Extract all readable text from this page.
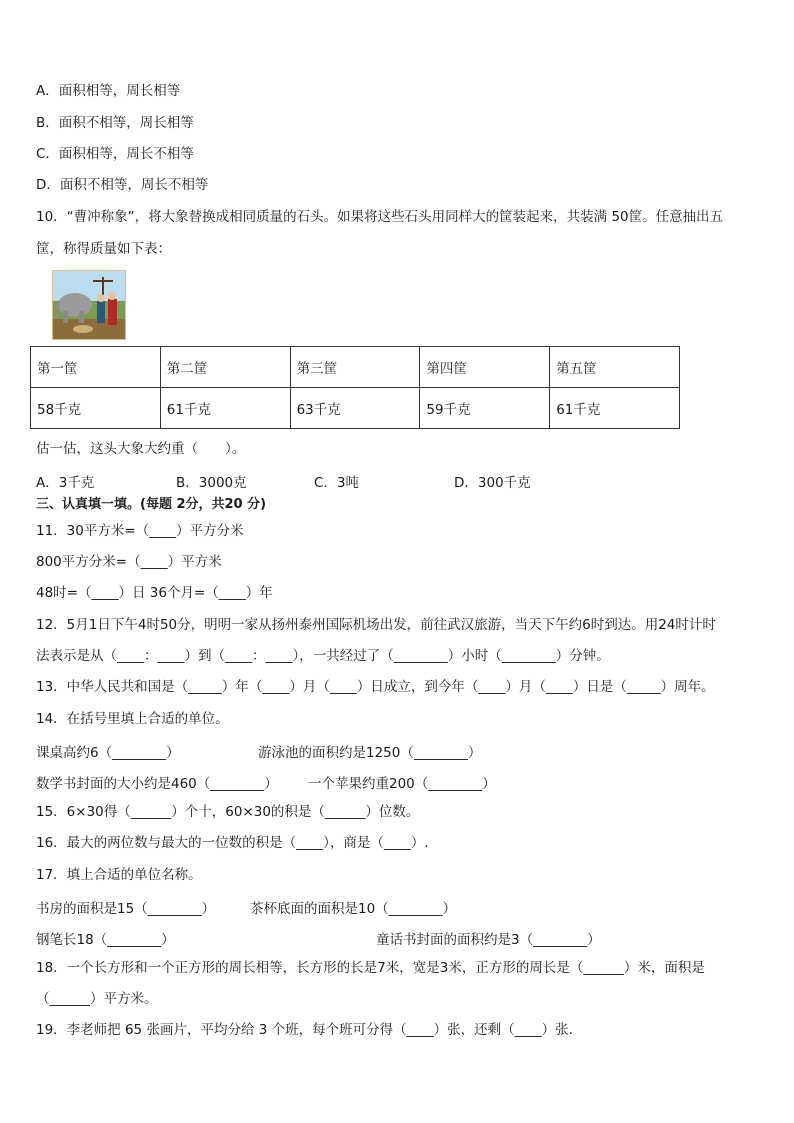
A．面积相等，周长相等
B．面积不相等，周长相等
C．面积相等，周长不相等
D．面积不相等，周长不相等
10．“曹冲称象”，将大象替换成相同质量的石头。如果将这些石头用同样大的筐装起来，共装满 50筐。任意抽出五
筐，称得质量如下表：
第一筐	第二筐	第三筐	第四筐	第五筐
58千克	61千克	63千克	59千克	61千克
估一估，这头大象大约重（　　）。
A．3千克	B．3000克	C．3吨	D．300千克
三、认真填一填。(每题 2分，共20 分)
11．30平方米=（____）平方分米
800平方分米=（____）平方米
48时=（____）日 36个月=（____）年
12．5月1日下午4时50分，明明一家从扬州泰州国际机场出发，前往武汉旅游，当天下午约6时到达。用24时计时
法表示是从（____：____）到（____：____），一共经过了（________）小时（________）分钟。
13．中华人民共和国是（_____）年（____）月（____）日成立，到今年（____）月（____）日是（_____）周年。
14．在括号里填上合适的单位。
课桌高约6（________）	游泳池的面积约是1250（________）
数学书封面的大小约是460（________） 一个苹果约重200（________）
15．6×30得（______）个十，60×30的积是（______）位数。
16．最大的两位数与最大的一位数的积是（____），商是（____）.
17．填上合适的单位名称。
书房的面积是15（________）	茶杯底面的面积是10（________）
钢笔长18（________）	童话书封面的面积约是3（________）
18．一个长方形和一个正方形的周长相等，长方形的长是7米，宽是3米，正方形的周长是（______）米，面积是
（______）平方米。
19．李老师把 65 张画片，平均分给 3 个班，每个班可分得（____）张，还剩（____）张.
